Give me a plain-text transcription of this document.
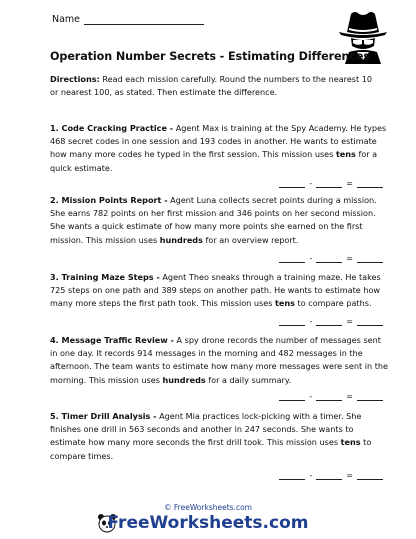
Name
Operation Number Secrets - Estimating Differences
Directions: Read each mission carefully. Round the numbers to the nearest 10 or nearest 100, as stated. Then estimate the difference.
1. Code Cracking Practice - Agent Max is training at the Spy Academy. He types 468 secret codes in one session and 193 codes in another. He wants to estimate how many more codes he typed in the first session. This mission uses tens for a quick estimate.
-	=
2. Mission Points Report - Agent Luna collects secret points during a mission. She earns 782 points on her first mission and 346 points on her second mission. She wants a quick estimate of how many more points she earned on the first mission. This mission uses hundreds for an overview report.
-	=
3. Training Maze Steps - Agent Theo sneaks through a training maze. He takes 725 steps on one path and 389 steps on another path. He wants to estimate how many more steps the first path took. This mission uses tens to compare paths.
-	=
4. Message Traffic Review - A spy drone records the number of messages sent in one day. It records 914 messages in the morning and 482 messages in the afternoon. The team wants to estimate how many more messages were sent in the morning. This mission uses hundreds for a daily summary.
-	=
5. Timer Drill Analysis - Agent Mia practices lock-picking with a timer. She finishes one drill in 563 seconds and another in 247 seconds. She wants to estimate how many more seconds the first drill took. This mission uses tens to compare times.
-	=
© FreeWorksheets.com
FreeWorksheets.com
